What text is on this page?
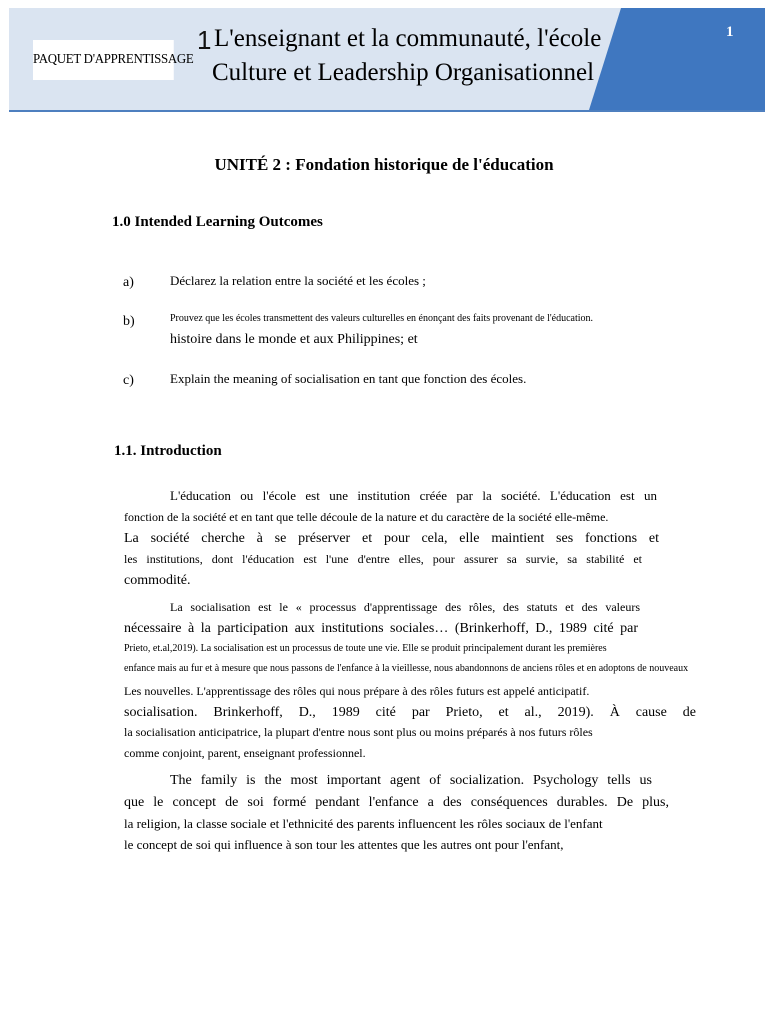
PAQUET D'APPRENTISSAGE
1 L'enseignant et la communauté, l'école
Culture et Leadership Organisationnel
1
UNITÉ 2 : Fondation historique de l'éducation
1.0 Intended Learning Outcomes
a)	Déclarez la relation entre la société et les écoles ;
b)	Prouvez que les écoles transmettent des valeurs culturelles en énonçant des faits provenant de l'éducation.
histoire dans le monde et aux Philippines; et
c)	Explain the meaning of socialisation en tant que fonction des écoles.
1.1. Introduction
L'éducation ou l'école est une institution créée par la société. L'éducation est un
fonction de la société et en tant que telle découle de la nature et du caractère de la société elle-même.
La société cherche à se préserver et pour cela, elle maintient ses fonctions et
les institutions, dont l'éducation est l'une d'entre elles, pour assurer sa survie, sa stabilité et
commodité.
La socialisation est le « processus d'apprentissage des rôles, des statuts et des valeurs
nécessaire à la participation aux institutions sociales… (Brinkerhoff, D., 1989 cité par
Prieto, et.al,2019). La socialisation est un processus de toute une vie. Elle se produit principalement durant les premières
enfance mais au fur et à mesure que nous passons de l'enfance à la vieillesse, nous abandonnons de anciens rôles et en adoptons de nouveaux
Les nouvelles. L'apprentissage des rôles qui nous prépare à des rôles futurs est appelé anticipatif.
socialisation. Brinkerhoff, D., 1989 cité par Prieto, et al., 2019). À cause de
la socialisation anticipatrice, la plupart d'entre nous sont plus ou moins préparés à nos futurs rôles
comme conjoint, parent, enseignant professionnel.
The family is the most important agent of socialization. Psychology tells us
que le concept de soi formé pendant l'enfance a des conséquences durables. De plus,
la religion, la classe sociale et l'ethnicité des parents influencent les rôles sociaux de l'enfant
le concept de soi qui influence à son tour les attentes que les autres ont pour l'enfant,
